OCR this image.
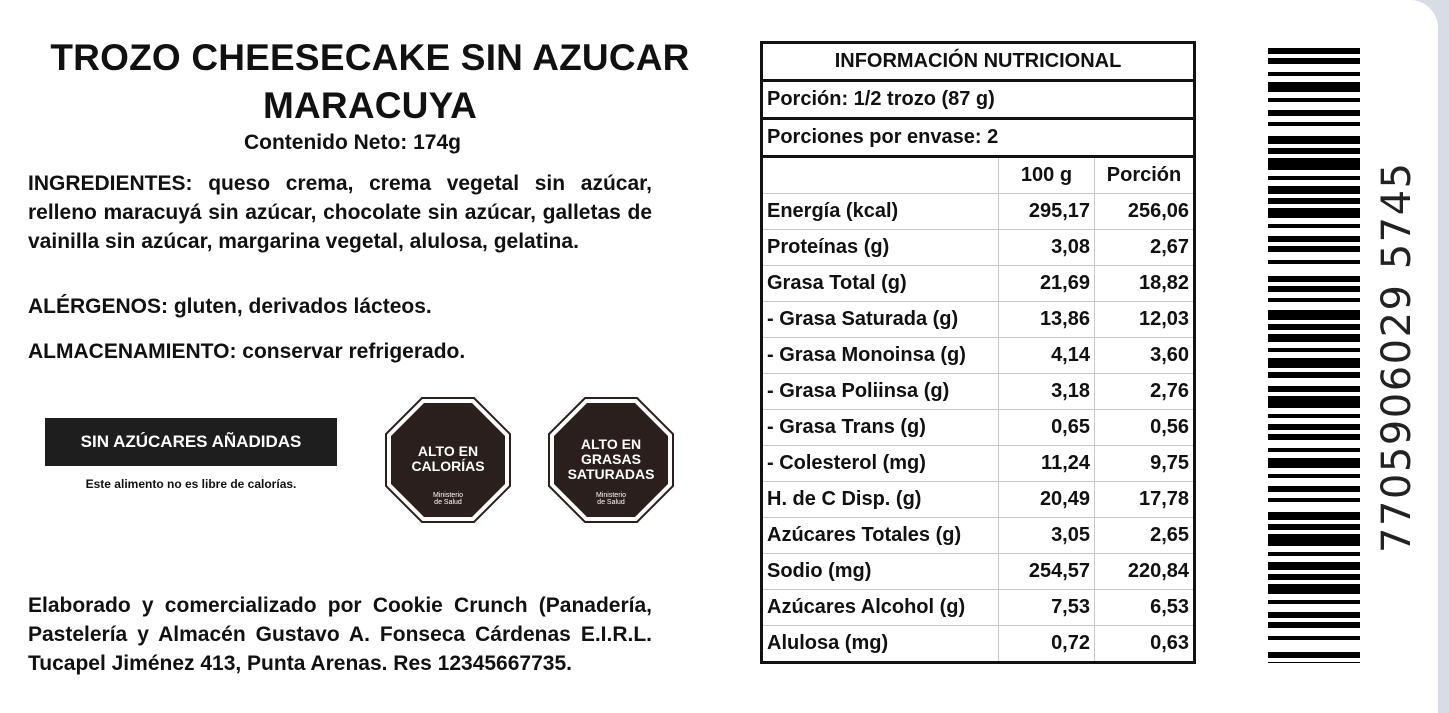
TROZO CHEESECAKE SIN AZUCAR
MARACUYA
Contenido Neto: 174g
INGREDIENTES: queso crema, crema vegetal sin azúcar, relleno maracuyá sin azúcar, chocolate sin azúcar, galletas de vainilla sin azúcar, margarina vegetal, alulosa, gelatina.
ALÉRGENOS: gluten, derivados lácteos.
ALMACENAMIENTO: conservar refrigerado.
SIN AZÚCARES AÑADIDAS
Este alimento no es libre de calorías.
ALTO EN
CALORÍAS
Ministerio
de Salud
ALTO EN
GRASAS
SATURADAS
Ministerio
de Salud
Elaborado y comercializado por Cookie Crunch (Panadería, Pastelería y Almacén Gustavo A. Fonseca Cárdenas E.I.R.L. Tucapel Jiménez 413, Punta Arenas. Res 12345667735.
INFORMACIÓN NUTRICIONAL		
Porción: 1/2 trozo (87 g)		
Porciones por envase: 2		
	100 g	Porción
Energía (kcal)	295,17	256,06
Proteínas (g)	3,08	2,67
Grasa Total (g)	21,69	18,82
- Grasa Saturada (g)	13,86	12,03
- Grasa Monoinsa (g)	4,14	3,60
- Grasa Poliinsa (g)	3,18	2,76
- Grasa Trans (g)	0,65	0,56
- Colesterol (mg)	11,24	9,75
H. de C Disp. (g)	20,49	17,78
Azúcares Totales (g)	3,05	2,65
Sodio (mg)	254,57	220,84
Azúcares Alcohol (g)	7,53	6,53
Alulosa (mg)	0,72	0,63
7705906029 5745
